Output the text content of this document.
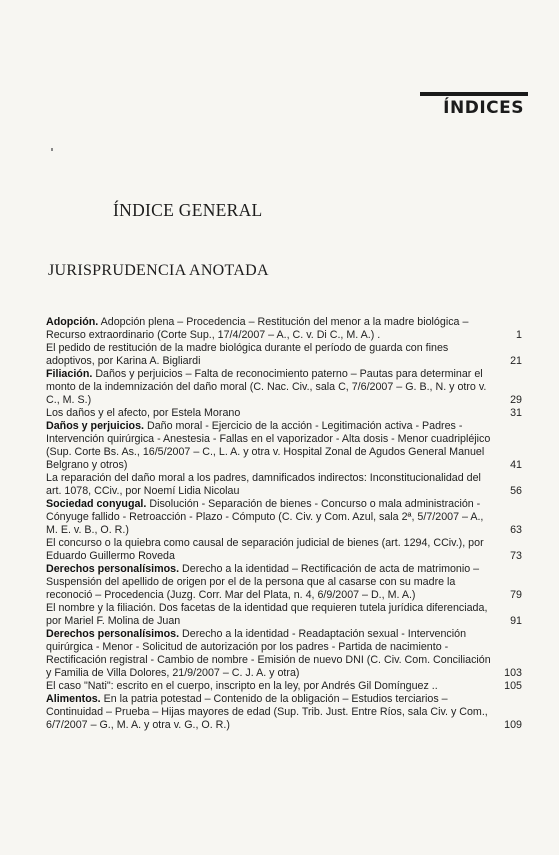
ÍNDICES
ÍNDICE GENERAL
JURISPRUDENCIA ANOTADA
Adopción. Adopción plena – Procedencia – Restitución del menor a la madre biológica – Recurso extraordinario (Corte Sup., 17/4/2007 – A., C. v. Di C., M. A.) .	1
El pedido de restitución de la madre biológica durante el período de guarda con fines adoptivos, por Karina A. Bigliardi	21
Filiación. Daños y perjuicios – Falta de reconocimiento paterno – Pautas para determinar el monto de la indemnización del daño moral (C. Nac. Civ., sala C, 7/6/2007 – G. B., N. y otro v. C., M. S.)	29
Los daños y el afecto, por Estela Morano	31
Daños y perjuicios. Daño moral - Ejercicio de la acción - Legitimación activa - Padres - Intervención quirúrgica - Anestesia - Fallas en el vaporizador - Alta dosis - Menor cuadripléjico (Sup. Corte Bs. As., 16/5/2007 – C., L. A. y otra v. Hospital Zonal de Agudos General Manuel Belgrano y otros)	41
La reparación del daño moral a los padres, damnificados indirectos: Inconstitucionalidad del art. 1078, CCiv., por Noemí Lidia Nicolau	56
Sociedad conyugal. Disolución - Separación de bienes - Concurso o mala administración - Cónyuge fallido - Retroacción - Plazo - Cómputo (C. Civ. y Com. Azul, sala 2ª, 5/7/2007 – A., M. E. v. B., O. R.)	63
El concurso o la quiebra como causal de separación judicial de bienes (art. 1294, CCiv.), por Eduardo Guillermo Roveda	73
Derechos personalísimos. Derecho a la identidad – Rectificación de acta de matrimonio – Suspensión del apellido de origen por el de la persona que al casarse con su madre la reconoció – Procedencia (Juzg. Corr. Mar del Plata, n. 4, 6/9/2007 – D., M. A.)	79
El nombre y la filiación. Dos facetas de la identidad que requieren tutela jurídica diferenciada, por Mariel F. Molina de Juan	91
Derechos personalísimos. Derecho a la identidad - Readaptación sexual - Intervención quirúrgica - Menor - Solicitud de autorización por los padres - Partida de nacimiento - Rectificación registral - Cambio de nombre - Emisión de nuevo DNI (C. Civ. Com. Conciliación y Familia de Villa Dolores, 21/9/2007 – C. J. A. y otra)	103
El caso "Nati": escrito en el cuerpo, inscripto en la ley, por Andrés Gil Domínguez ..	105
Alimentos. En la patria potestad – Contenido de la obligación – Estudios terciarios – Continuidad – Prueba – Hijas mayores de edad (Sup. Trib. Just. Entre Ríos, sala Civ. y Com., 6/7/2007 – G., M. A. y otra v. G., O. R.)	109
